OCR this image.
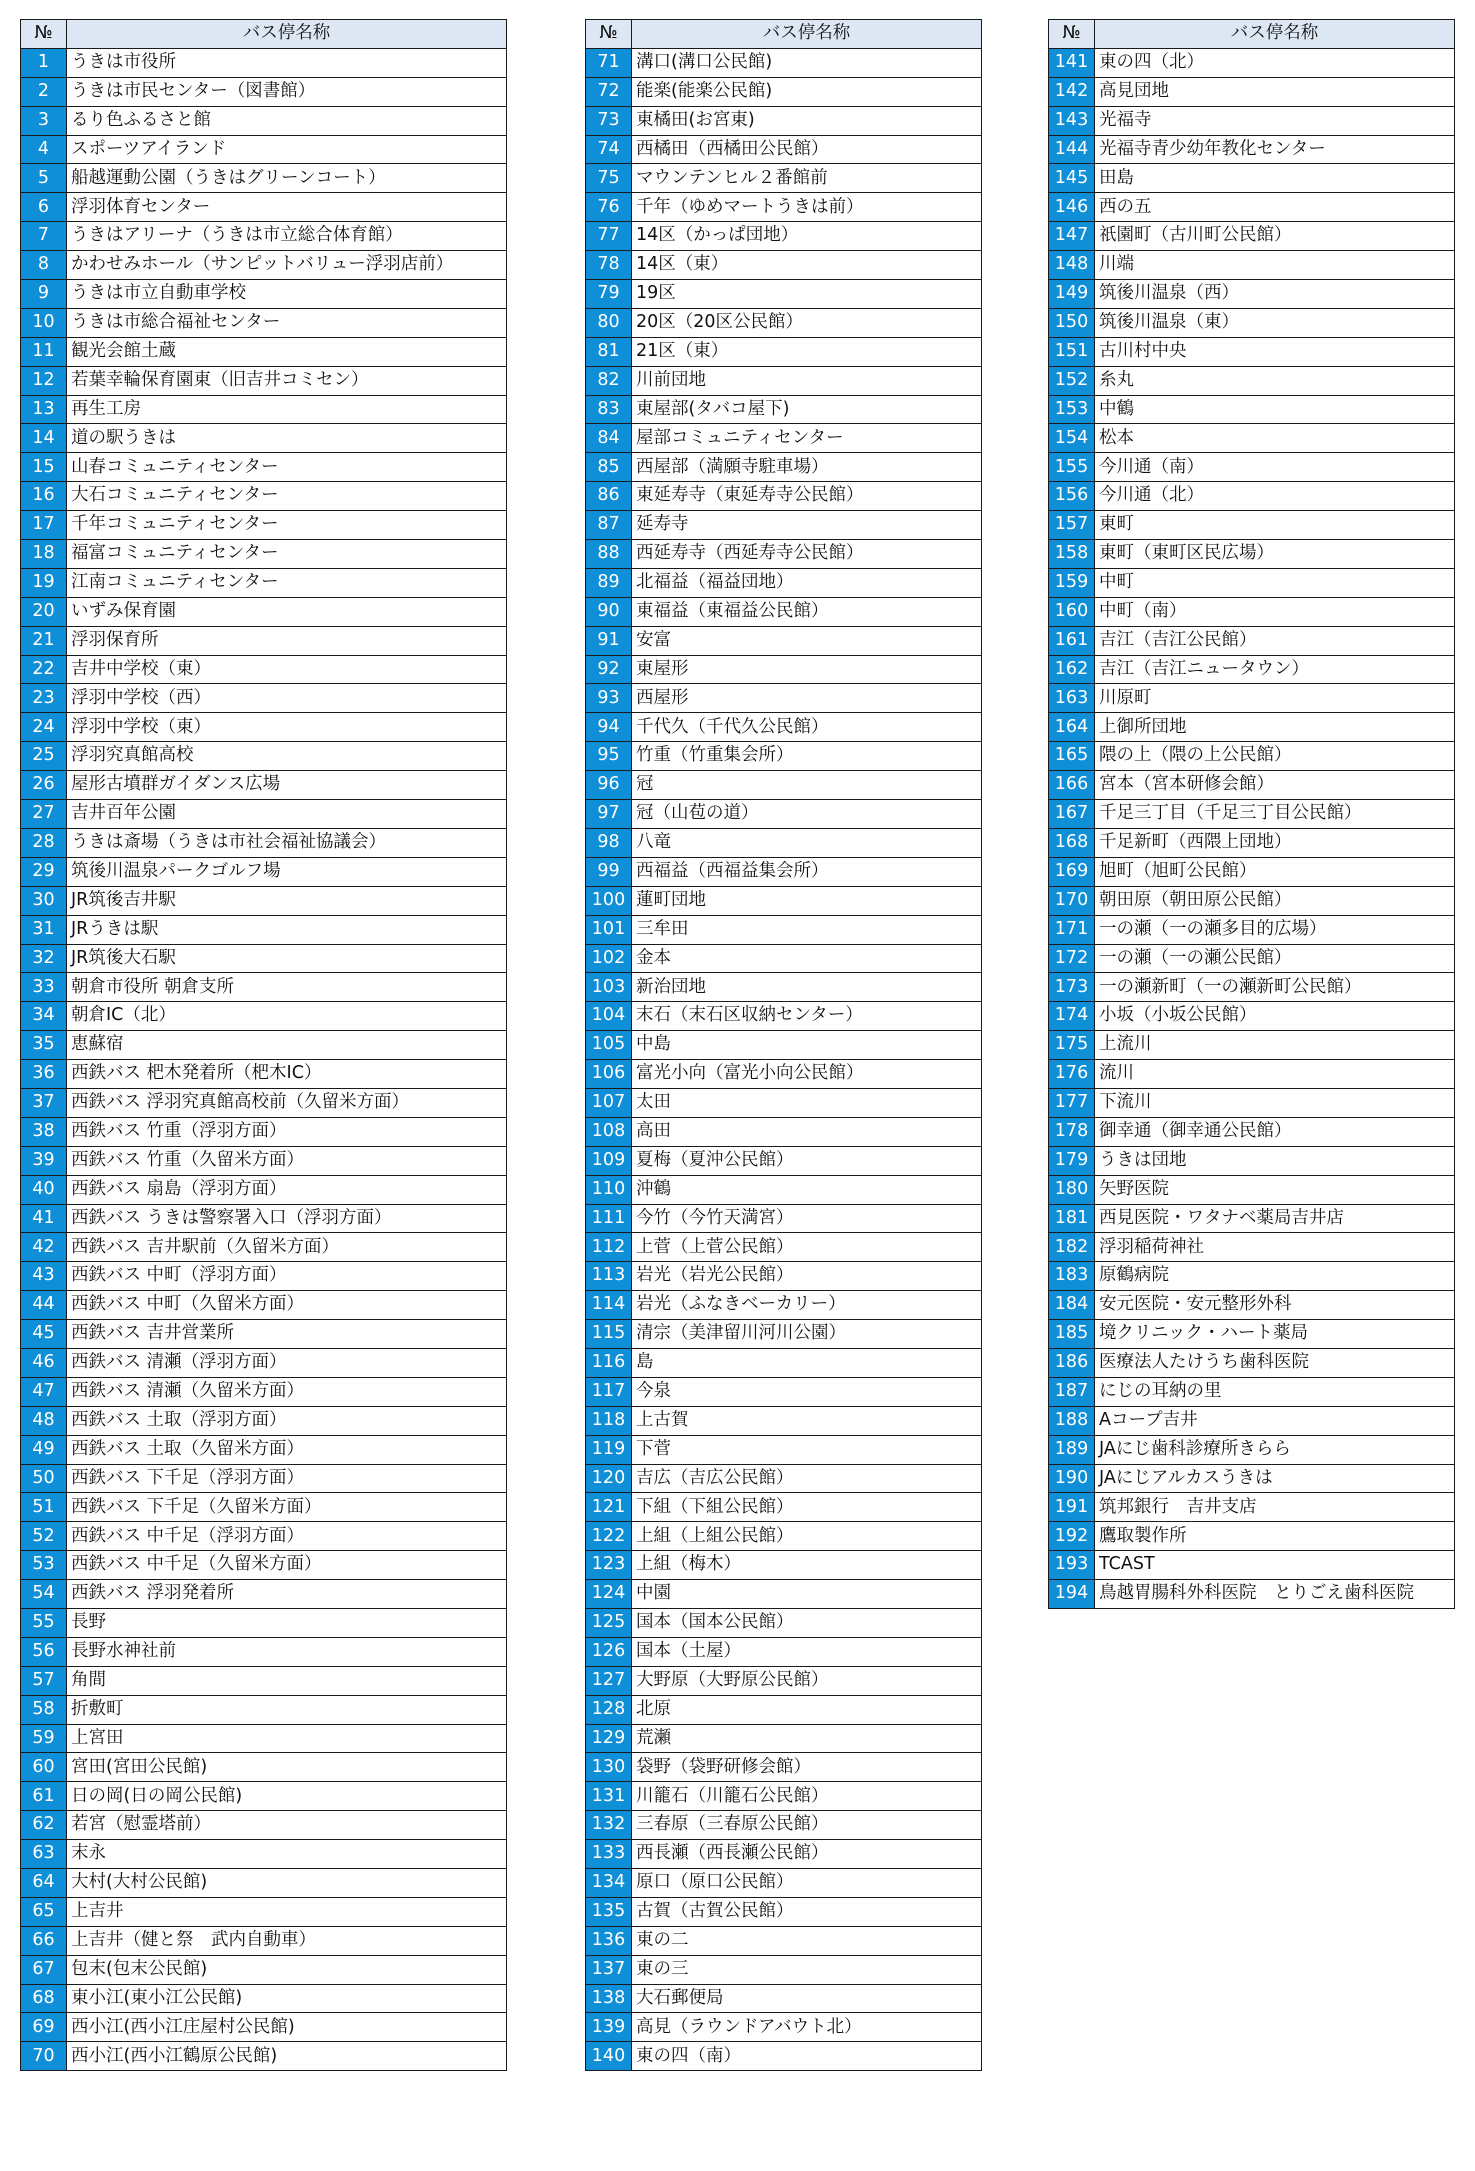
№	バス停名称
1	うきは市役所
2	うきは市民センター（図書館）
3	るり色ふるさと館
4	スポーツアイランド
5	船越運動公園（うきはグリーンコート）
6	浮羽体育センター
7	うきはアリーナ（うきは市立総合体育館）
8	かわせみホール（サンピットバリュー浮羽店前）
9	うきは市立自動車学校
10	うきは市総合福祉センター
11	観光会館土蔵
12	若葉幸輪保育園東（旧吉井コミセン）
13	再生工房
14	道の駅うきは
15	山春コミュニティセンター
16	大石コミュニティセンター
17	千年コミュニティセンター
18	福富コミュニティセンター
19	江南コミュニティセンター
20	いずみ保育園
21	浮羽保育所
22	吉井中学校（東）
23	浮羽中学校（西）
24	浮羽中学校（東）
25	浮羽究真館高校
26	屋形古墳群ガイダンス広場
27	吉井百年公園
28	うきは斎場（うきは市社会福祉協議会）
29	筑後川温泉パークゴルフ場
30	JR筑後吉井駅
31	JRうきは駅
32	JR筑後大石駅
33	朝倉市役所 朝倉支所
34	朝倉IC（北）
35	恵蘇宿
36	西鉄バス 杷木発着所（杷木IC）
37	西鉄バス 浮羽究真館高校前（久留米方面）
38	西鉄バス 竹重（浮羽方面）
39	西鉄バス 竹重（久留米方面）
40	西鉄バス 扇島（浮羽方面）
41	西鉄バス うきは警察署入口（浮羽方面）
42	西鉄バス 吉井駅前（久留米方面）
43	西鉄バス 中町（浮羽方面）
44	西鉄バス 中町（久留米方面）
45	西鉄バス 吉井営業所
46	西鉄バス 清瀬（浮羽方面）
47	西鉄バス 清瀬（久留米方面）
48	西鉄バス 土取（浮羽方面）
49	西鉄バス 土取（久留米方面）
50	西鉄バス 下千足（浮羽方面）
51	西鉄バス 下千足（久留米方面）
52	西鉄バス 中千足（浮羽方面）
53	西鉄バス 中千足（久留米方面）
54	西鉄バス 浮羽発着所
55	長野
56	長野水神社前
57	角間
58	折敷町
59	上宮田
60	宮田(宮田公民館)
61	日の岡(日の岡公民館)
62	若宮（慰霊塔前）
63	末永
64	大村(大村公民館)
65	上吉井
66	上吉井（健と祭　武内自動車）
67	包末(包末公民館)
68	東小江(東小江公民館)
69	西小江(西小江庄屋村公民館)
70	西小江(西小江鶴原公民館)
№	バス停名称
71	溝口(溝口公民館)
72	能楽(能楽公民館)
73	東橘田(お宮東)
74	西橘田（西橘田公民館）
75	マウンテンヒル２番館前
76	千年（ゆめマートうきは前）
77	14区（かっぱ団地）
78	14区（東）
79	19区
80	20区（20区公民館）
81	21区（東）
82	川前団地
83	東屋部(タバコ屋下)
84	屋部コミュニティセンター
85	西屋部（満願寺駐車場）
86	東延寿寺（東延寿寺公民館）
87	延寿寺
88	西延寿寺（西延寿寺公民館）
89	北福益（福益団地）
90	東福益（東福益公民館）
91	安富
92	東屋形
93	西屋形
94	千代久（千代久公民館）
95	竹重（竹重集会所）
96	冠
97	冠（山苞の道）
98	八竜
99	西福益（西福益集会所）
100	蓮町団地
101	三牟田
102	金本
103	新治団地
104	末石（末石区収納センター）
105	中島
106	富光小向（富光小向公民館）
107	太田
108	高田
109	夏梅（夏沖公民館）
110	沖鶴
111	今竹（今竹天満宮）
112	上菅（上菅公民館）
113	岩光（岩光公民館）
114	岩光（ふなきベーカリー）
115	清宗（美津留川河川公園）
116	島
117	今泉
118	上古賀
119	下菅
120	吉広（吉広公民館）
121	下組（下組公民館）
122	上組（上組公民館）
123	上組（梅木）
124	中園
125	国本（国本公民館）
126	国本（土屋）
127	大野原（大野原公民館）
128	北原
129	荒瀬
130	袋野（袋野研修会館）
131	川籠石（川籠石公民館）
132	三春原（三春原公民館）
133	西長瀬（西長瀬公民館）
134	原口（原口公民館）
135	古賀（古賀公民館）
136	東の二
137	東の三
138	大石郵便局
139	高見（ラウンドアバウト北）
140	東の四（南）
№	バス停名称
141	東の四（北）
142	高見団地
143	光福寺
144	光福寺青少幼年教化センター
145	田島
146	西の五
147	祇園町（古川町公民館）
148	川端
149	筑後川温泉（西）
150	筑後川温泉（東）
151	古川村中央
152	糸丸
153	中鶴
154	松本
155	今川通（南）
156	今川通（北）
157	東町
158	東町（東町区民広場）
159	中町
160	中町（南）
161	吉江（吉江公民館）
162	吉江（吉江ニュータウン）
163	川原町
164	上御所団地
165	隈の上（隈の上公民館）
166	宮本（宮本研修会館）
167	千足三丁目（千足三丁目公民館）
168	千足新町（西隈上団地）
169	旭町（旭町公民館）
170	朝田原（朝田原公民館）
171	一の瀬（一の瀬多目的広場）
172	一の瀬（一の瀬公民館）
173	一の瀬新町（一の瀬新町公民館）
174	小坂（小坂公民館）
175	上流川
176	流川
177	下流川
178	御幸通（御幸通公民館）
179	うきは団地
180	矢野医院
181	西見医院・ワタナベ薬局吉井店
182	浮羽稲荷神社
183	原鶴病院
184	安元医院・安元整形外科
185	境クリニック・ハート薬局
186	医療法人たけうち歯科医院
187	にじの耳納の里
188	Aコープ吉井
189	JAにじ歯科診療所きらら
190	JAにじアルカスうきは
191	筑邦銀行　吉井支店
192	鷹取製作所
193	TCAST
194	鳥越胃腸科外科医院　とりごえ歯科医院
